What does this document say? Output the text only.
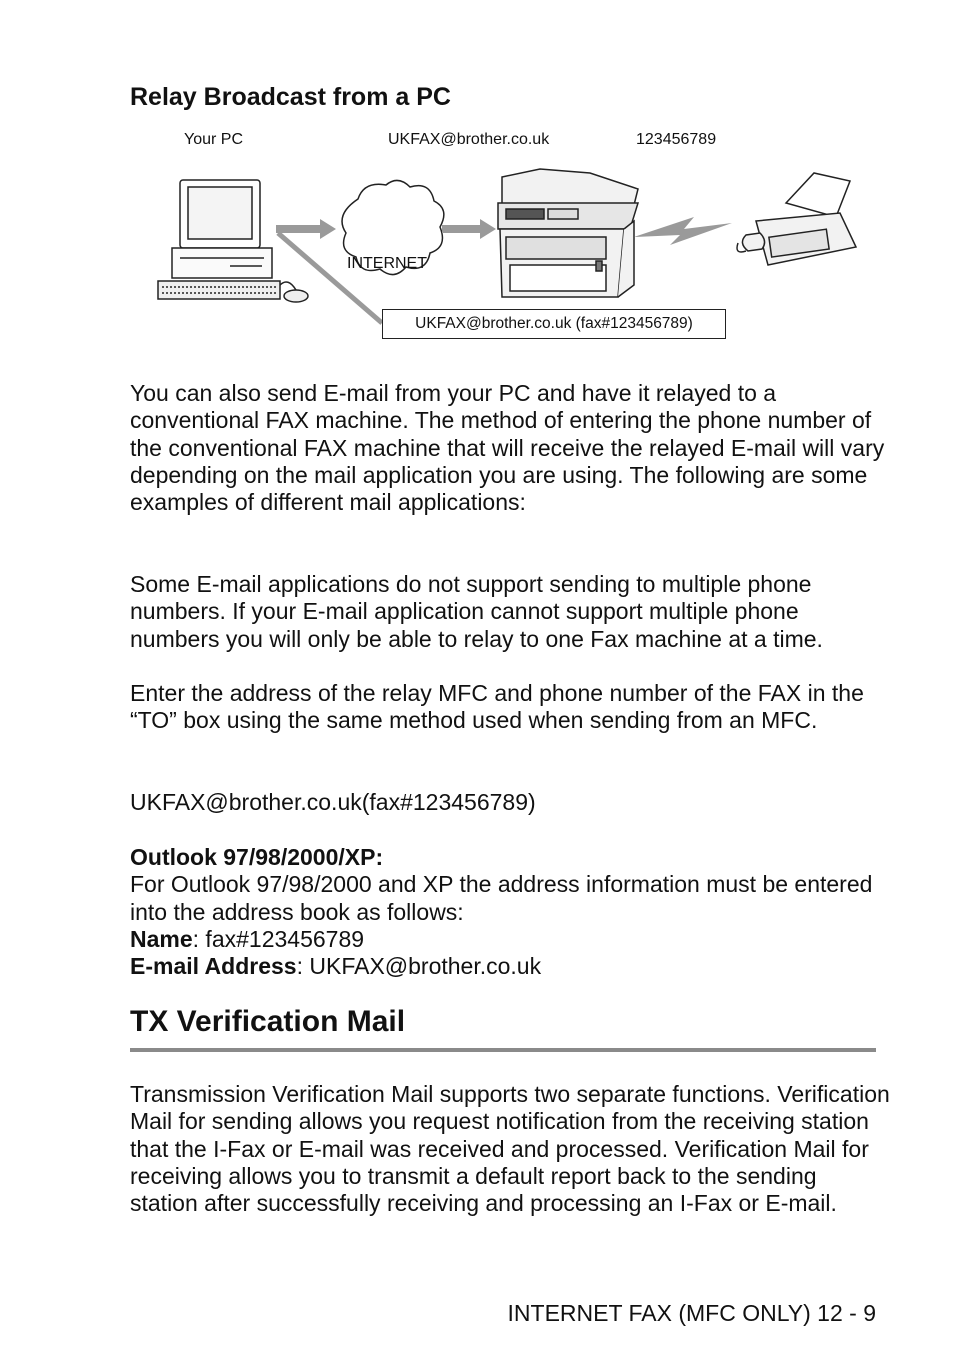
Relay Broadcast from a PC
Your PC	UKFAX@brother.co.uk	123456789
INTERNET
UKFAX@brother.co.uk (fax#123456789)

You can also send E-mail from your PC and have it relayed to a conventional FAX machine. The method of entering the phone number of the conventional FAX machine that will receive the relayed E-mail will vary depending on the mail application you are using. The following are some examples of different mail applications:

Some E-mail applications do not support sending to multiple phone numbers. If your E-mail application cannot support multiple phone numbers you will only be able to relay to one Fax machine at a time.

Enter the address of the relay MFC and phone number of the FAX in the “TO” box using the same method used when sending from an MFC.

UKFAX@brother.co.uk(fax#123456789)

Outlook 97/98/2000/XP:
For Outlook 97/98/2000 and XP the address information must be entered into the address book as follows:
Name: fax#123456789
E-mail Address: UKFAX@brother.co.uk
TX Verification Mail

Transmission Verification Mail supports two separate functions. Verification Mail for sending allows you request notification from the receiving station that the I-Fax or E-mail was received and processed. Verification Mail for receiving allows you to transmit a default report back to the sending station after successfully receiving and processing an I-Fax or E-mail.

INTERNET FAX (MFC ONLY) 12 - 9
